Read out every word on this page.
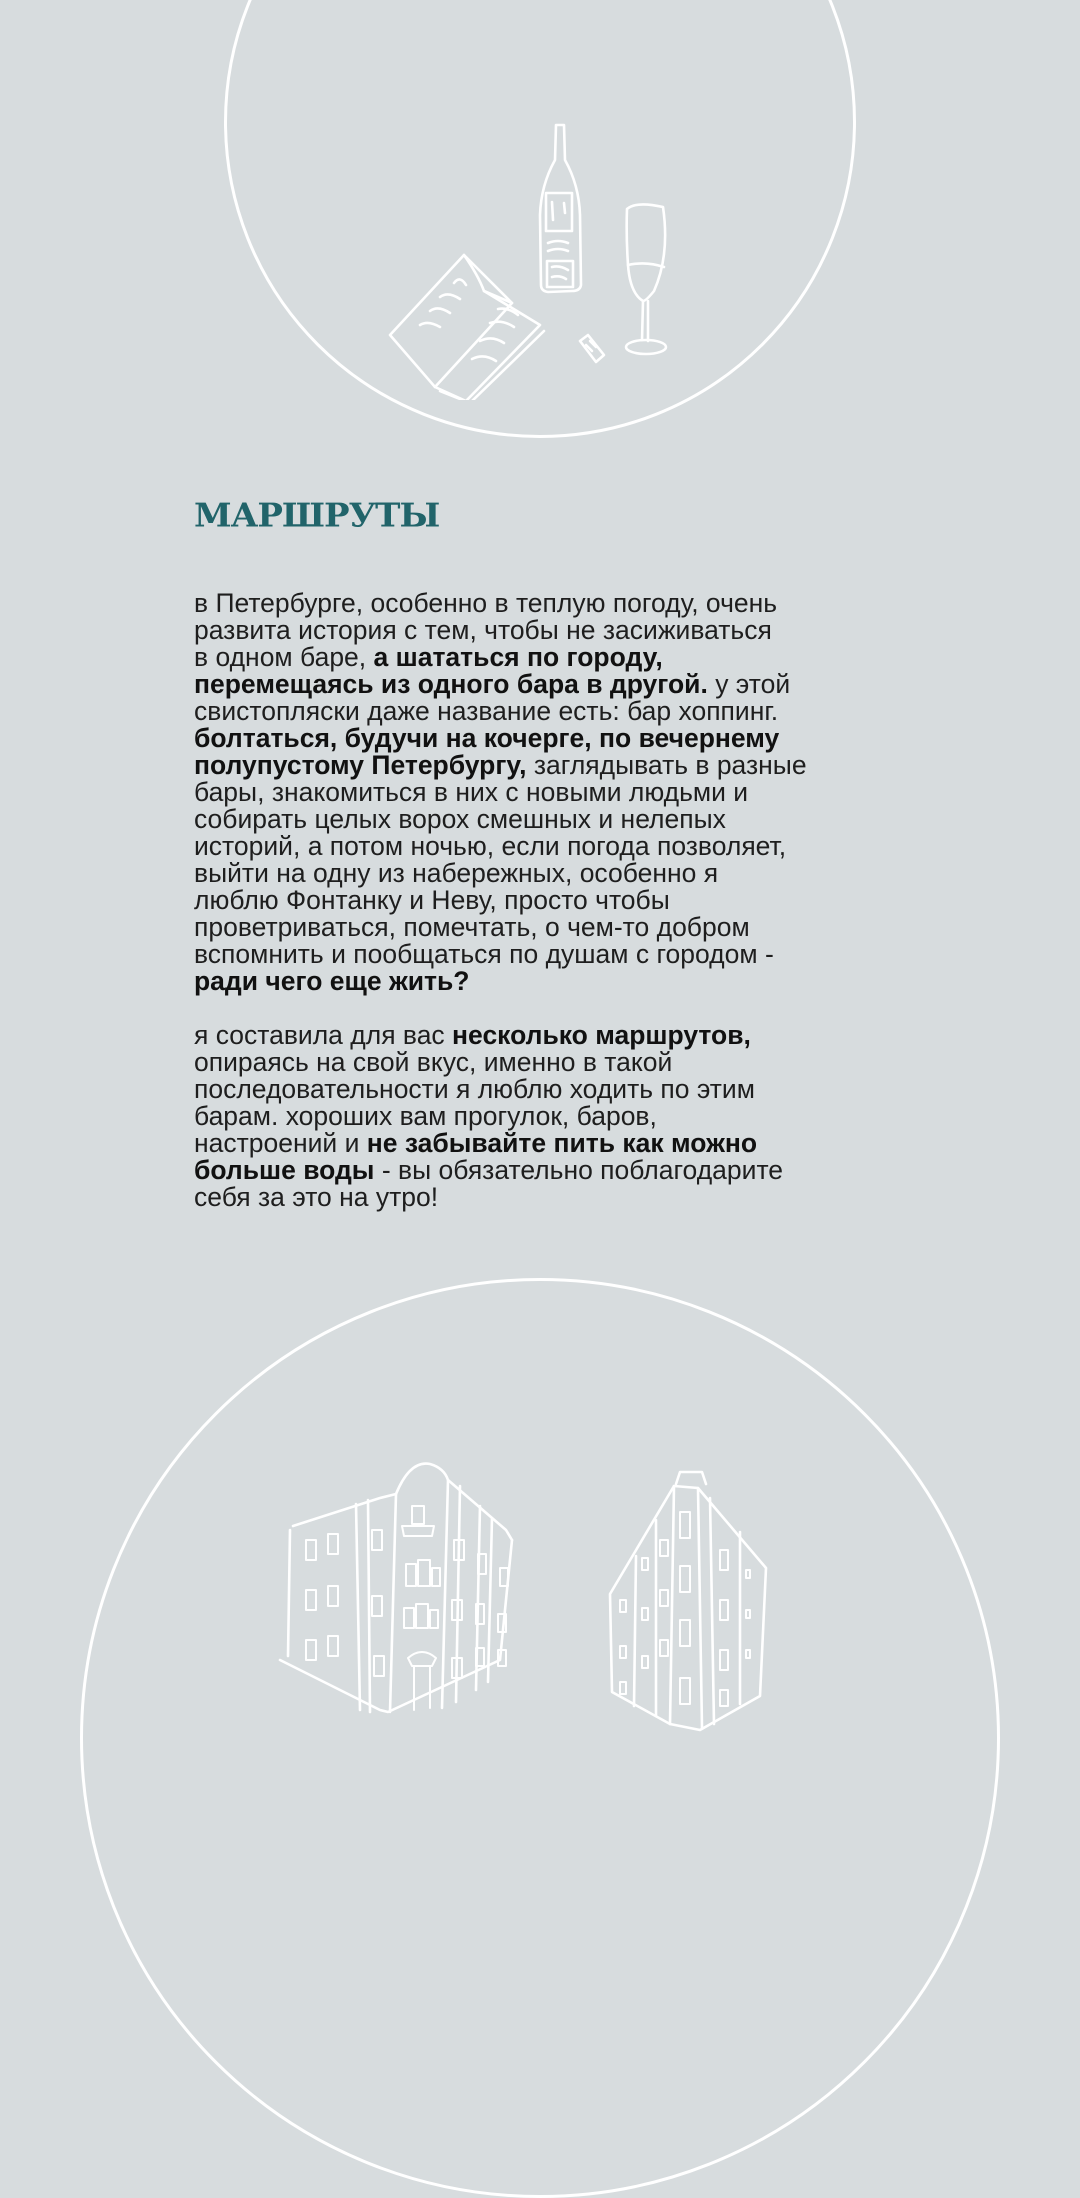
МАРШРУТЫ

в Петербурге, особенно в теплую погоду, очень
развита история с тем, чтобы не засиживаться
в одном баре, а шататься по городу,
перемещаясь из одного бара в другой. у этой
свистопляски даже название есть: бар хоппинг.
болтаться, будучи на кочерге, по вечернему
полупустому Петербургу, заглядывать в разные
бары, знакомиться в них с новыми людьми и
собирать целых ворох смешных и нелепых
историй, а потом ночью, если погода позволяет,
выйти на одну из набережных, особенно я
люблю Фонтанку и Неву, просто чтобы
проветриваться, помечтать, о чем-то добром
вспомнить и пообщаться по душам с городом -
ради чего еще жить?

я составила для вас несколько маршрутов,
опираясь на свой вкус, именно в такой
последовательности я люблю ходить по этим
барам. хороших вам прогулок, баров,
настроений и не забывайте пить как можно
больше воды - вы обязательно поблагодарите
себя за это на утро!
